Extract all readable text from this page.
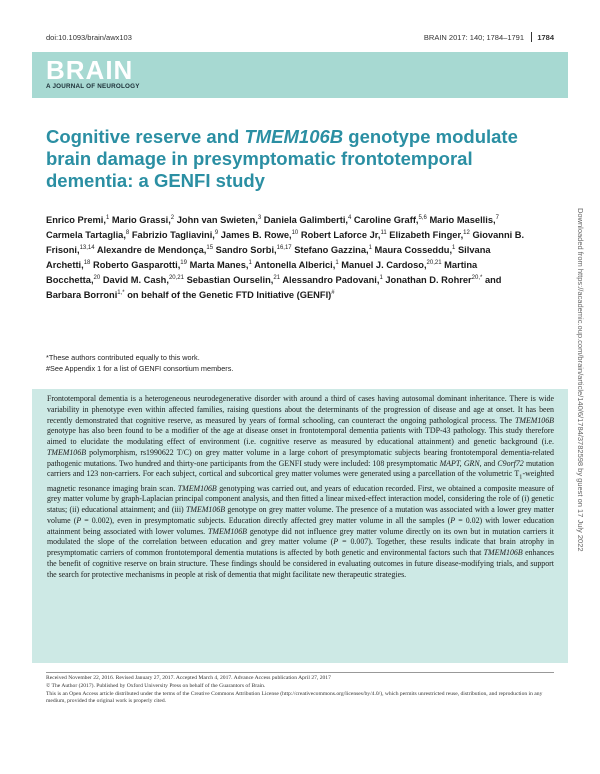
doi:10.1093/brain/awx103	BRAIN 2017: 140; 1784–1791 1784
BRAIN
A JOURNAL OF NEUROLOGY
Cognitive reserve and TMEM106B genotype modulate brain damage in presymptomatic frontotemporal dementia: a GENFI study
Enrico Premi,$^1$ Mario Grassi,$^2$ John van Swieten,$^3$ Daniela Galimberti,$^4$ Caroline Graff,$^{5,6}$ Mario Masellis,$^7$ Carmela Tartaglia,$^8$ Fabrizio Tagliavini,$^9$ James B. Rowe,$^{10}$ Robert Laforce Jr,$^{11}$ Elizabeth Finger,$^{12}$ Giovanni B. Frisoni,$^{13,14}$ Alexandre de Mendonça,$^{15}$ Sandro Sorbi,$^{16,17}$ Stefano Gazzina,$^1$ Maura Cosseddu,$^1$ Silvana Archetti,$^{18}$ Roberto Gasparotti,$^{19}$ Marta Manes,$^1$ Antonella Alberici,$^1$ Manuel J. Cardoso,$^{20,21}$ Martina Bocchetta,$^{20}$ David M. Cash,$^{20,21}$ Sebastian Ourselin,$^{21}$ Alessandro Padovani,$^1$ Jonathan D. Rohrer$^{20,*}$ and Barbara Borroni$^{1,*}$ on behalf of the Genetic FTD Initiative (GENFI)#
*These authors contributed equally to this work.
#See Appendix 1 for a list of GENFI consortium members.

Frontotemporal dementia is a heterogeneous neurodegenerative disorder with around a third of cases having autosomal dominant inheritance. There is wide variability in phenotype even within affected families, raising questions about the determinants of the progression of disease and age at onset. It has been recently demonstrated that cognitive reserve, as measured by years of formal schooling, can counteract the ongoing pathological process. The TMEM106B genotype has also been found to be a modifier of the age at disease onset in frontotemporal dementia patients with TDP-43 pathology. This study therefore aimed to elucidate the modulating effect of environment (i.e. cognitive reserve as measured by educational attainment) and genetic background (i.e. TMEM106B polymorphism, rs1990622 T/C) on grey matter volume in a large cohort of presymptomatic subjects bearing frontotemporal dementia-related pathogenic mutations. Two hundred and thirty-one participants from the GENFI study were included: 108 presymptomatic MAPT, GRN, and C9orf72 mutation carriers and 123 non-carriers. For each subject, cortical and subcortical grey matter volumes were generated using a parcellation of the volumetric $T_1$-weighted magnetic resonance imaging brain scan. TMEM106B genotyping was carried out, and years of education recorded. First, we obtained a composite measure of grey matter volume by graph-Laplacian principal component analysis, and then fitted a linear mixed-effect interaction model, considering the role of (i) genetic status; (ii) educational attainment; and (iii) TMEM106B genotype on grey matter volume. The presence of a mutation was associated with a lower grey matter volume (P = 0.002), even in presymptomatic subjects. Education directly affected grey matter volume in all the samples (P = 0.02) with lower education attainment being associated with lower volumes. TMEM106B genotype did not influence grey matter volume directly on its own but in mutation carriers it modulated the slope of the correlation between education and grey matter volume (P = 0.007). Together, these results indicate that brain atrophy in presymptomatic carriers of common frontotemporal dementia mutations is affected by both genetic and environmental factors such that TMEM106B enhances the benefit of cognitive reserve on brain structure. These findings should be considered in evaluating outcomes in future disease-modifying trials, and support the search for protective mechanisms in people at risk of dementia that might facilitate new therapeutic strategies.

Received November 22, 2016. Revised January 27, 2017. Accepted March 4, 2017. Advance Access publication April 27, 2017
© The Author (2017). Published by Oxford University Press on behalf of the Guarantors of Brain.
This is an Open Access article distributed under the terms of the Creative Commons Attribution License (http://creativecommons.org/licenses/by/4.0/), which permits unrestricted reuse, distribution, and reproduction in any medium, provided the original work is properly cited.
Downloaded from https://academic.oup.com/brain/article/140/6/1784/3782598 by guest on 17 July 2022
